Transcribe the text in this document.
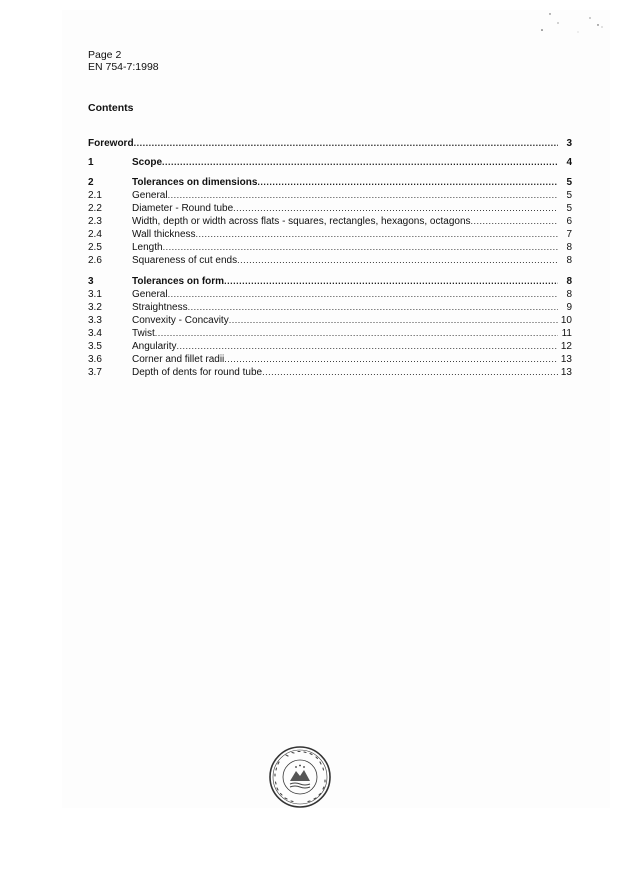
Page 2
EN 754-7:1998
Contents
Foreword .....	3
1	Scope .....	4
2	Tolerances on dimensions .....	5
2.1	General .....	5
2.2	Diameter - Round tube .....	5
2.3	Width, depth or width across flats - squares, rectangles, hexagons, octagons .....	6
2.4	Wall thickness .....	7
2.5	Length .....	8
2.6	Squareness of cut ends .....	8
3	Tolerances on form .....	8
3.1	General .....	8
3.2	Straightness .....	9
3.3	Convexity - Concavity .....	10
3.4	Twist .....	11
3.5	Angularity .....	12
3.6	Corner and fillet radii .....	13
3.7	Depth of dents for round tube .....	13
